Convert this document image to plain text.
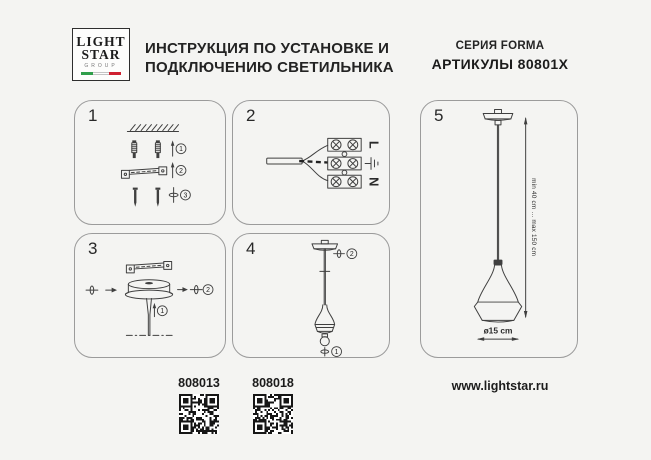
LIGHT
STAR
GROUP
ИНСТРУКЦИЯ ПО УСТАНОВКЕ И
ПОДКЛЮЧЕНИЮ СВЕТИЛЬНИКА
СЕРИЯ FORMA
АРТИКУЛЫ 80801X
1
1
2
3
2
L
N
3
2
1
4	2
1
5
min 40 cm ... max 150 cm
ø15 cm
808013	808018	www.lightstar.ru
